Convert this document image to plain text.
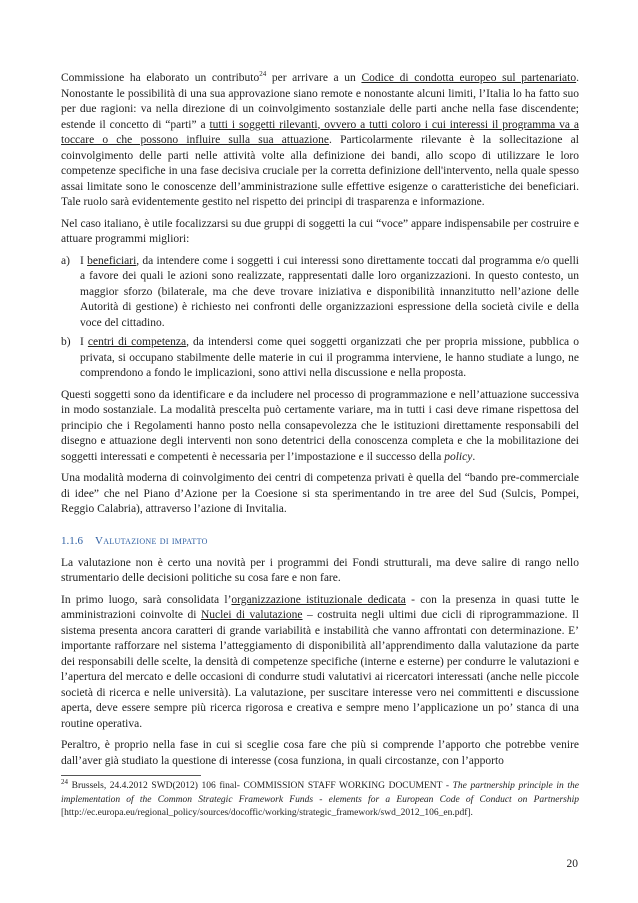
Commissione ha elaborato un contributo$^{24}$ per arrivare a un Codice di condotta europeo sul partenariato. Nonostante le possibilità di una sua approvazione siano remote e nonostante alcuni limiti, l’Italia lo ha fatto suo per due ragioni: va nella direzione di un coinvolgimento sostanziale delle parti anche nella fase discendente; estende il concetto di “parti” a tutti i soggetti rilevanti, ovvero a tutti coloro i cui interessi il programma va a toccare o che possono influire sulla sua attuazione. Particolarmente rilevante è la sollecitazione al coinvolgimento delle parti nelle attività volte alla definizione dei bandi, allo scopo di utilizzare le loro competenze specifiche in una fase decisiva cruciale per la corretta definizione dell'intervento, nella quale spesso assai limitate sono le conoscenze dell’amministrazione sulle effettive esigenze o caratteristiche dei beneficiari. Tale ruolo sarà evidentemente gestito nel rispetto dei principi di trasparenza e informazione.

Nel caso italiano, è utile focalizzarsi su due gruppi di soggetti la cui “voce” appare indispensabile per costruire e attuare programmi migliori:

a) I beneficiari, da intendere come i soggetti i cui interessi sono direttamente toccati dal programma e/o quelli a favore dei quali le azioni sono realizzate, rappresentati dalle loro organizzazioni. In questo contesto, un maggior sforzo (bilaterale, ma che deve trovare iniziativa e disponibilità innanzitutto nell’azione delle Autorità di gestione) è richiesto nei confronti delle organizzazioni espressione della società civile e della voce del cittadino.
b) I centri di competenza, da intendersi come quei soggetti organizzati che per propria missione, pubblica o privata, si occupano stabilmente delle materie in cui il programma interviene, le hanno studiate a lungo, ne comprendono a fondo le implicazioni, sono attivi nella discussione e nella proposta.

Questi soggetti sono da identificare e da includere nel processo di programmazione e nell’attuazione successiva in modo sostanziale. La modalità prescelta può certamente variare, ma in tutti i casi deve rimane rispettosa del principio che i Regolamenti hanno posto nella consapevolezza che le istituzioni direttamente responsabili del disegno e attuazione degli interventi non sono detentrici della conoscenza completa e che la mobilitazione dei soggetti interessati e competenti è necessaria per l’impostazione e il successo della policy.

Una modalità moderna di coinvolgimento dei centri di competenza privati è quella del “bando pre-commerciale di idee” che nel Piano d’Azione per la Coesione si sta sperimentando in tre aree del Sud (Sulcis, Pompei, Reggio Calabria), attraverso l’azione di Invitalia.

1.1.6	Valutazione di impatto

La valutazione non è certo una novità per i programmi dei Fondi strutturali, ma deve salire di rango nello strumentario delle decisioni politiche su cosa fare e non fare.

In primo luogo, sarà consolidata l’organizzazione istituzionale dedicata - con la presenza in quasi tutte le amministrazioni coinvolte di Nuclei di valutazione – costruita negli ultimi due cicli di riprogrammazione. Il sistema presenta ancora caratteri di grande variabilità e instabilità che vanno affrontati con determinazione. E’ importante rafforzare nel sistema l’atteggiamento di disponibilità all’apprendimento dalla valutazione da parte dei responsabili delle scelte, la densità di competenze specifiche (interne e esterne) per condurre le valutazioni e l’apertura del mercato e delle occasioni di condurre studi valutativi ai ricercatori interessati (anche nelle piccole società di ricerca e nelle università). La valutazione, per suscitare interesse vero nei committenti e discussione aperta, deve essere sempre più ricerca rigorosa e creativa e sempre meno l’applicazione un po’ stanca di una routine operativa.

Peraltro, è proprio nella fase in cui si sceglie cosa fare che più si comprende l’apporto che potrebbe venire dall’aver già studiato la questione di interesse (cosa funziona, in quali circostanze, con l’apporto

$^{24}$ Brussels, 24.4.2012 SWD(2012) 106 final- COMMISSION STAFF WORKING DOCUMENT - The partnership principle in the implementation of the Common Strategic Framework Funds - elements for a European Code of Conduct on Partnership [http://ec.europa.eu/regional_policy/sources/docoffic/working/strategic_framework/swd_2012_106_en.pdf].
20
